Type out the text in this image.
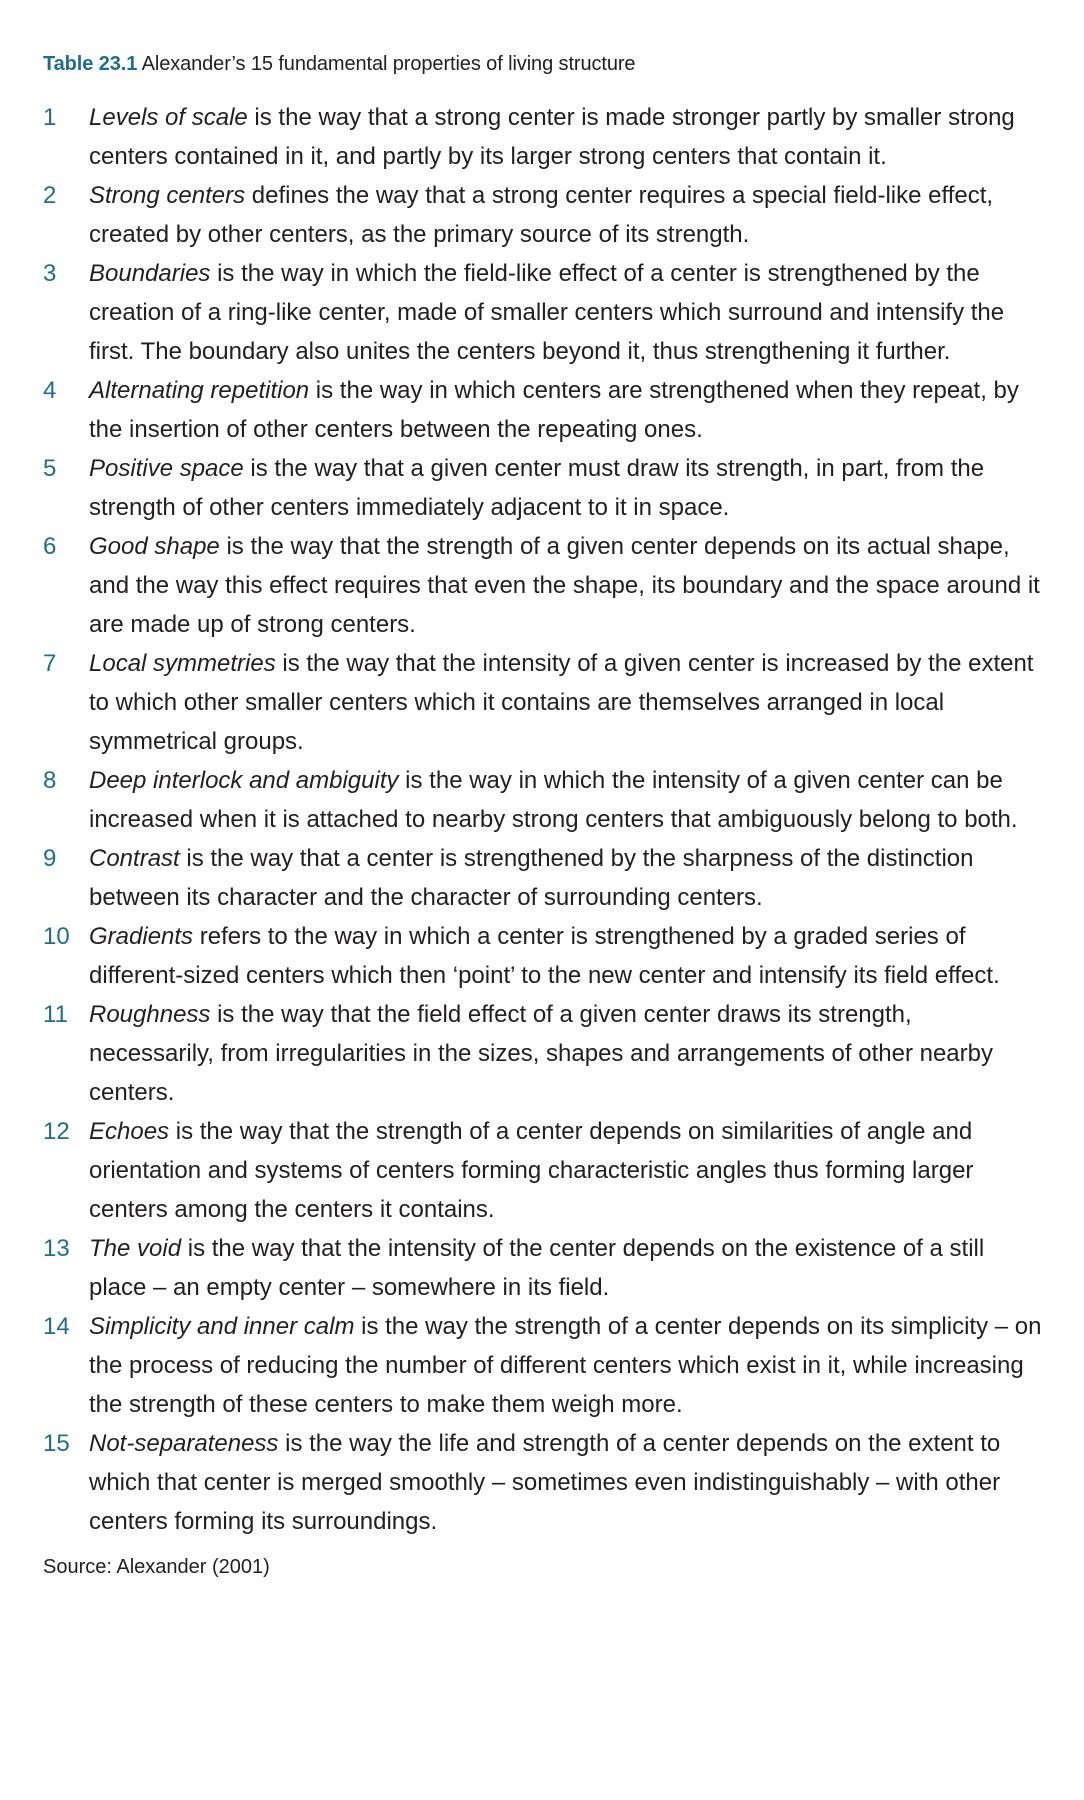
Table 23.1 Alexander’s 15 fundamental properties of living structure
1	Levels of scale is the way that a strong center is made stronger partly by smaller strong centers contained in it, and partly by its larger strong centers that contain it.
2	Strong centers defines the way that a strong center requires a special field-like effect, created by other centers, as the primary source of its strength.
3	Boundaries is the way in which the field-like effect of a center is strengthened by the creation of a ring-like center, made of smaller centers which surround and intensify the first. The boundary also unites the centers beyond it, thus strengthening it further.
4	Alternating repetition is the way in which centers are strengthened when they repeat, by the insertion of other centers between the repeating ones.
5	Positive space is the way that a given center must draw its strength, in part, from the strength of other centers immediately adjacent to it in space.
6	Good shape is the way that the strength of a given center depends on its actual shape, and the way this effect requires that even the shape, its boundary and the space around it are made up of strong centers.
7	Local symmetries is the way that the intensity of a given center is increased by the extent to which other smaller centers which it contains are themselves arranged in local symmetrical groups.
8	Deep interlock and ambiguity is the way in which the intensity of a given center can be increased when it is attached to nearby strong centers that ambiguously belong to both.
9	Contrast is the way that a center is strengthened by the sharpness of the distinction between its character and the character of surrounding centers.
10 Gradients refers to the way in which a center is strengthened by a graded series of different-sized centers which then ‘point’ to the new center and intensify its field effect.
11 Roughness is the way that the field effect of a given center draws its strength, necessarily, from irregularities in the sizes, shapes and arrangements of other nearby centers.
12 Echoes is the way that the strength of a center depends on similarities of angle and orientation and systems of centers forming characteristic angles thus forming larger centers among the centers it contains.
13 The void is the way that the intensity of the center depends on the existence of a still place – an empty center – somewhere in its field.
14 Simplicity and inner calm is the way the strength of a center depends on its simplicity – on the process of reducing the number of different centers which exist in it, while increasing the strength of these centers to make them weigh more.
15 Not-separateness is the way the life and strength of a center depends on the extent to which that center is merged smoothly – sometimes even indistinguishably – with other centers forming its surroundings.
Source: Alexander (2001)
